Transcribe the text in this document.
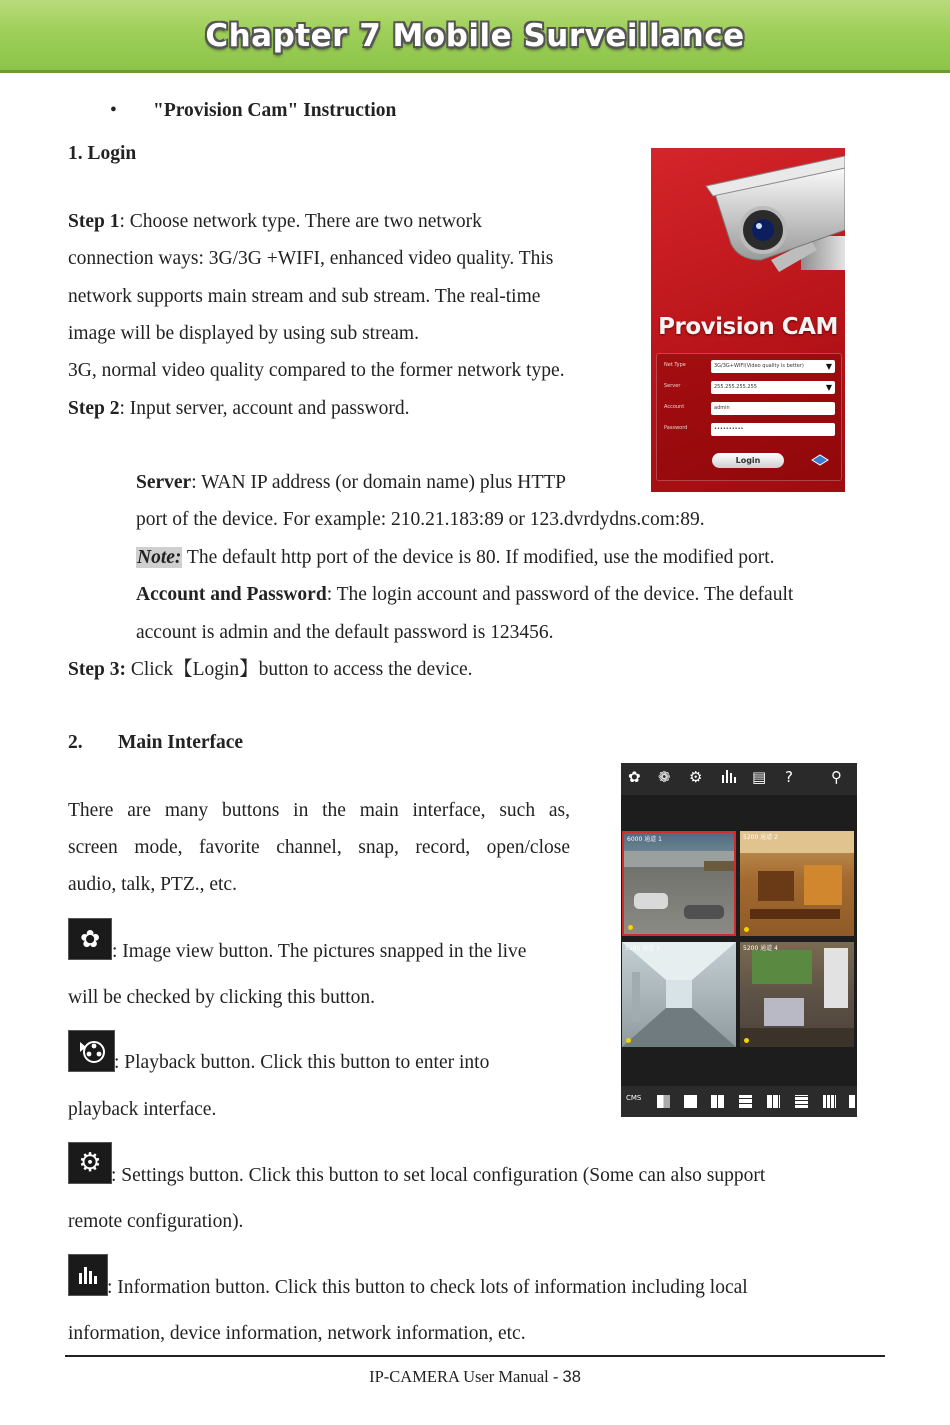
Chapter 7 Mobile Surveillance
• "Provision Cam" Instruction
1. Login
Step 1: Choose network type. There are two network
connection ways: 3G/3G +WIFI, enhanced video quality. This
network supports main stream and sub stream. The real-time
image will be displayed by using sub stream.
3G, normal video quality compared to the former network type.
Step 2: Input server, account and password.
Server: WAN IP address (or domain name) plus HTTP
port of the device. For example: 210.21.183:89 or 123.dvrdydns.com:89.
Note: The default http port of the device is 80. If modified, use the modified port.
Account and Password: The login account and password of the device. The default
account is admin and the default password is 123456.
Step 3: Click【Login】button to access the device.
Provision CAM
Net Type	3G/3G+WIFI(Video quality is better)	▼
Server	255.255.255.255	▼
Account	admin
Password	••••••••••
Login
2. Main Interface
There are many buttons in the main interface, such as,
screen mode, favorite channel, snap, record, open/close
audio, talk, PTZ., etc.
✿ : Image view button. The pictures snapped in the live
will be checked by clicking this button.
: Playback button. Click this button to enter into
playback interface.
⚙ : Settings button. Click this button to set local configuration (Some can also support
remote configuration).
: Information button. Click this button to check lots of information including local
information, device information, network information, etc.
✿ ❁ ⚙	▤ ?	⚲
6000 通道 1	5200 通道 2
5200 通道 3	5200 通道 4
CMS
IP-CAMERA User Manual - 38
